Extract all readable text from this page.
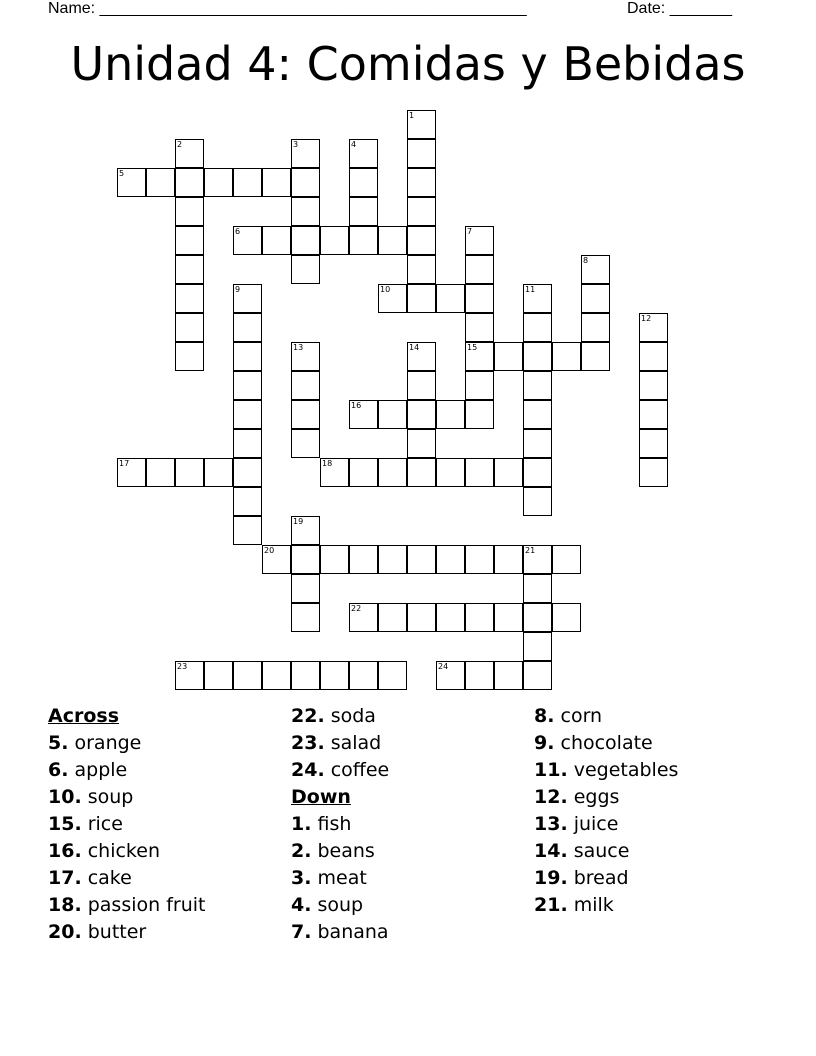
Name: ________________________________________________	Date: _______
Unidad 4: Comidas y Bebidas
1
2	3	4
5
6	7
15
8
9	10	11
12
13	14
16
17	18
19
20	21
22
23	24
Across
5. orange
6. apple
10. soup
15. rice
16. chicken
17. cake
18. passion fruit
20. butter
22. soda
23. salad
24. coffee
Down
1. fish
2. beans
3. meat
4. soup
7. banana
8. corn
9. chocolate
11. vegetables
12. eggs
13. juice
14. sauce
19. bread
21. milk
